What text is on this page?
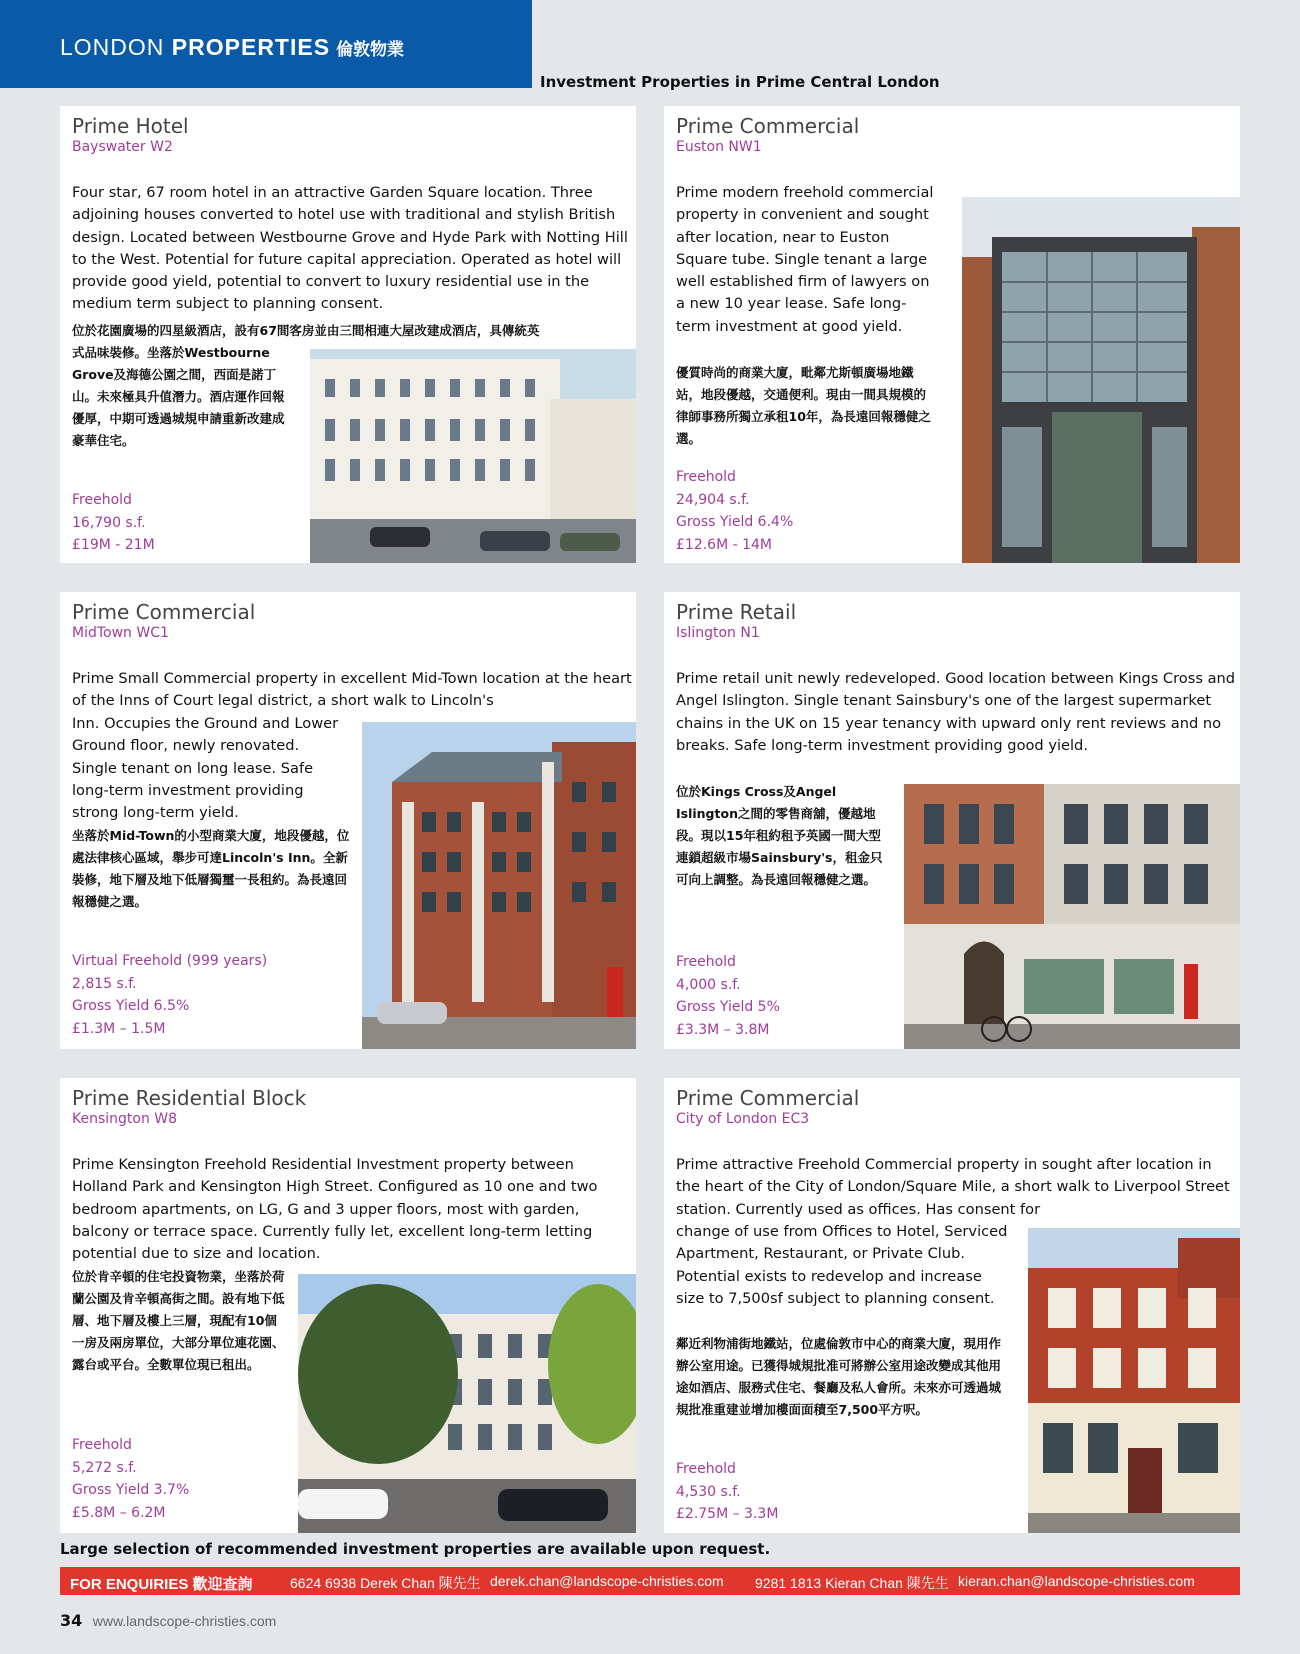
LONDON PROPERTIES 倫敦物業
Investment Properties in Prime Central London
Prime Hotel
Bayswater W2
Four star, 67 room hotel in an attractive Garden Square location. Three adjoining houses converted to hotel use with traditional and stylish British design. Located between Westbourne Grove and Hyde Park with Notting Hill to the West. Potential for future capital appreciation. Operated as hotel will provide good yield, potential to convert to luxury residential use in the medium term subject to planning consent.
位於花園廣場的四星級酒店，設有67間客房並由三間相連大屋改建成酒店，具傳統英
式品味裝修。坐落於Westbourne Grove及海德公園之間，西面是諾丁山。未來極具升值潛力。酒店運作回報優厚，中期可透過城規申請重新改建成豪華住宅。
Freehold
16,790 s.f.
£19M - 21M
Prime Commercial
Euston NW1
Prime modern freehold commercial property in convenient and sought after location, near to Euston Square tube. Single tenant a large well established firm of lawyers on a new 10 year lease. Safe long-term investment at good yield.
優質時尚的商業大廈，毗鄰尤斯頓廣場地鐵站，地段優越，交通便利。現由一間具規模的律師事務所獨立承租10年，為長遠回報穩健之選。
Freehold
24,904 s.f.
Gross Yield 6.4%
£12.6M - 14M
Prime Commercial
MidTown WC1
Prime Small Commercial property in excellent Mid-Town location at the heart of the Inns of Court legal district, a short walk to Lincoln's
Inn. Occupies the Ground and Lower Ground floor, newly renovated. Single tenant on long lease. Safe long-term investment providing strong long-term yield.
坐落於Mid-Town的小型商業大廈，地段優越，位處法律核心區域，舉步可達Lincoln's Inn。全新裝修，地下層及地下低層獨璽一長租約。為長遠回報穩健之選。
Virtual Freehold (999 years)
2,815 s.f.
Gross Yield 6.5%
£1.3M – 1.5M
Prime Retail
Islington N1
Prime retail unit newly redeveloped. Good location between Kings Cross and Angel Islington. Single tenant Sainsbury's one of the largest supermarket chains in the UK on 15 year tenancy with upward only rent reviews and no breaks. Safe long-term investment providing good yield.
位於Kings Cross及Angel Islington之間的零售商舖，優越地段。現以15年租約租予英國一間大型連鎖超級市場Sainsbury's，租金只可向上調整。為長遠回報穩健之選。
Freehold
4,000 s.f.
Gross Yield 5%
£3.3M – 3.8M
Prime Residential Block
Kensington W8
Prime Kensington Freehold Residential Investment property between Holland Park and Kensington High Street. Configured as 10 one and two bedroom apartments, on LG, G and 3 upper floors, most with garden, balcony or terrace space. Currently fully let, excellent long-term letting potential due to size and location.
位於肯辛頓的住宅投資物業，坐落於荷蘭公園及肯辛頓高街之間。設有地下低層、地下層及樓上三層，現配有10個一房及兩房單位，大部分單位連花園、露台或平台。全數單位現已租出。
Freehold
5,272 s.f.
Gross Yield 3.7%
£5.8M – 6.2M
Prime Commercial
City of London EC3
Prime attractive Freehold Commercial property in sought after location in the heart of the City of London/Square Mile, a short walk to Liverpool Street station. Currently used as offices. Has consent for
change of use from Offices to Hotel, Serviced Apartment, Restaurant, or Private Club. Potential exists to redevelop and increase size to 7,500sf subject to planning consent.
鄰近利物浦街地鐵站，位處倫敦市中心的商業大廈，現用作辦公室用途。已獲得城規批准可將辦公室用途改變成其他用途如酒店、服務式住宅、餐廳及私人會所。未來亦可透過城規批准重建並增加樓面面積至7,500平方呎。
Freehold
4,530 s.f.
£2.75M – 3.3M
Large selection of recommended investment properties are available upon request.
FOR ENQUIRIES 歡迎查詢	6624 6938 Derek Chan 陳先生 derek.chan@landscope-christies.com 9281 1813 Kieran Chan 陳先生 kieran.chan@landscope-christies.com
34 www.landscope-christies.com
